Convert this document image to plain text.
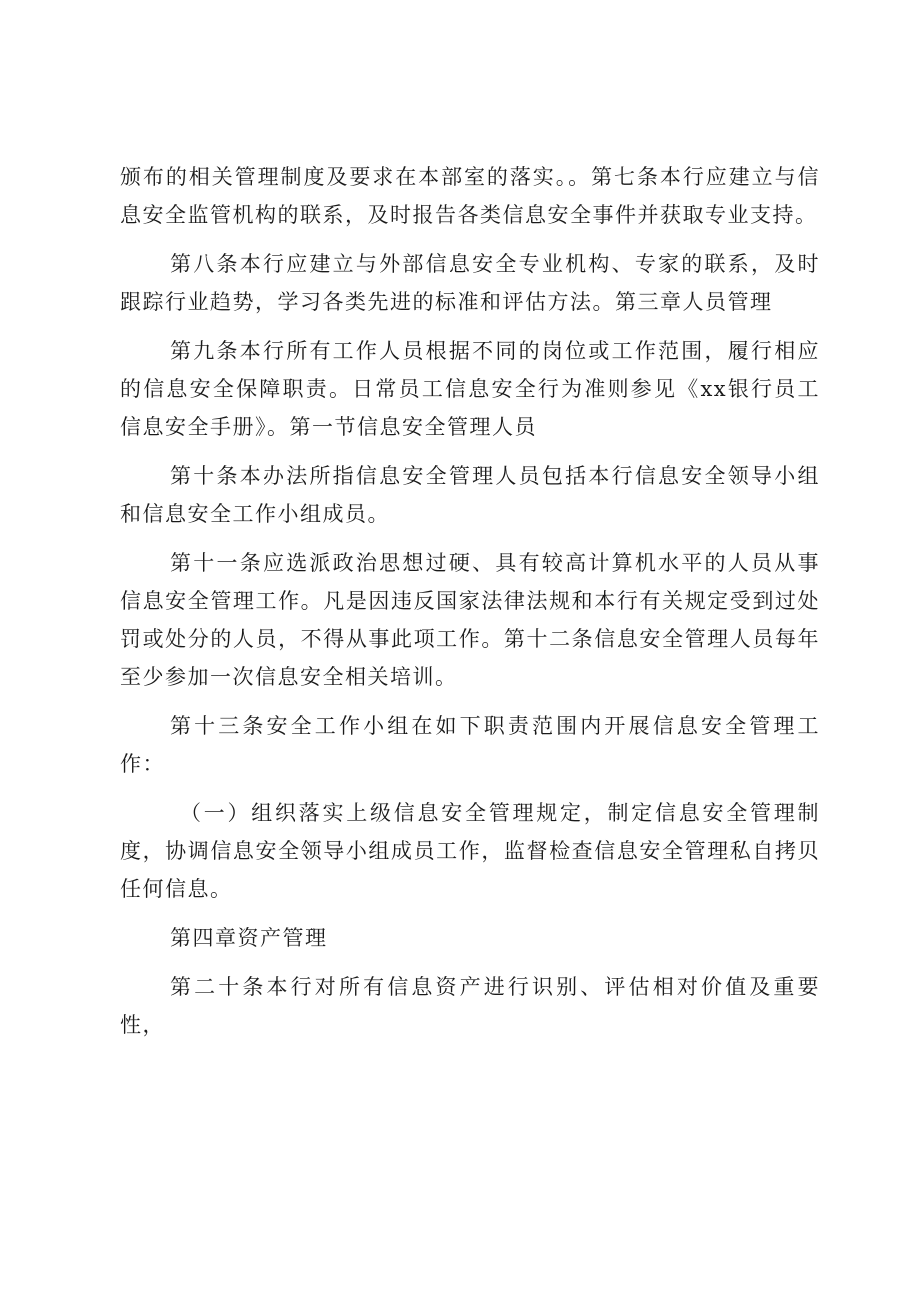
颁布的相关管理制度及要求在本部室的落实。。第七条本行应建立与信息安全监管机构的联系，及时报告各类信息安全事件并获取专业支持。

第八条本行应建立与外部信息安全专业机构、专家的联系，及时跟踪行业趋势，学习各类先进的标准和评估方法。第三章人员管理

第九条本行所有工作人员根据不同的岗位或工作范围，履行相应的信息安全保障职责。日常员工信息安全行为准则参见《xx银行员工信息安全手册》。第一节信息安全管理人员

第十条本办法所指信息安全管理人员包括本行信息安全领导小组和信息安全工作小组成员。

第十一条应选派政治思想过硬、具有较高计算机水平的人员从事信息安全管理工作。凡是因违反国家法律法规和本行有关规定受到过处罚或处分的人员，不得从事此项工作。第十二条信息安全管理人员每年至少参加一次信息安全相关培训。

第十三条安全工作小组在如下职责范围内开展信息安全管理工作：

（一）组织落实上级信息安全管理规定，制定信息安全管理制度，协调信息安全领导小组成员工作，监督检查信息安全管理私自拷贝任何信息。

第四章资产管理

第二十条本行对所有信息资产进行识别、评估相对价值及重要性，
